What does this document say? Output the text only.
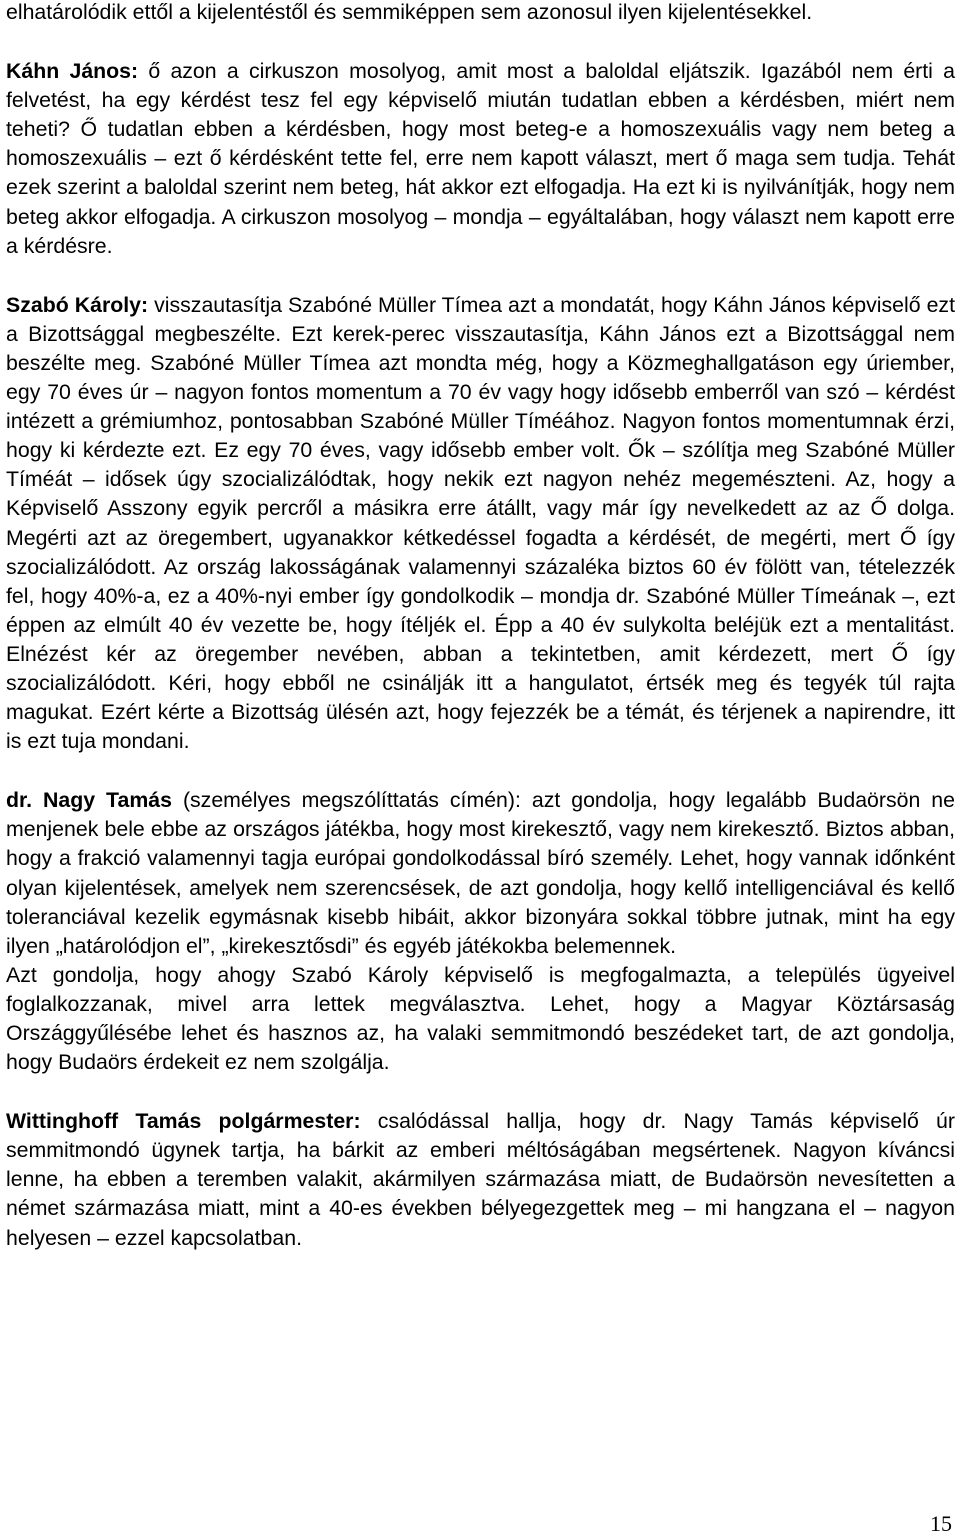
elhatárolódik ettől a kijelentéstől és semmiképpen sem azonosul ilyen kijelentésekkel.

Káhn János: ő azon a cirkuszon mosolyog, amit most a baloldal eljátszik. Igazából nem érti a felvetést, ha egy kérdést tesz fel egy képviselő miután tudatlan ebben a kérdésben, miért nem teheti? Ő tudatlan ebben a kérdésben, hogy most beteg-e a homoszexuális vagy nem beteg a homoszexuális – ezt ő kérdésként tette fel, erre nem kapott választ, mert ő maga sem tudja. Tehát ezek szerint a baloldal szerint nem beteg, hát akkor ezt elfogadja. Ha ezt ki is nyilvánítják, hogy nem beteg akkor elfogadja. A cirkuszon mosolyog – mondja – egyáltalában, hogy választ nem kapott erre a kérdésre.

Szabó Károly: visszautasítja Szabóné Müller Tímea azt a mondatát, hogy Káhn János képviselő ezt a Bizottsággal megbeszélte. Ezt kerek-perec visszautasítja, Káhn János ezt a Bizottsággal nem beszélte meg. Szabóné Müller Tímea azt mondta még, hogy a Közmeghallgatáson egy úriember, egy 70 éves úr – nagyon fontos momentum a 70 év vagy hogy idősebb emberről van szó – kérdést intézett a grémiumhoz, pontosabban Szabóné Müller Tíméához. Nagyon fontos momentumnak érzi, hogy ki kérdezte ezt. Ez egy 70 éves, vagy idősebb ember volt. Ők – szólítja meg Szabóné Müller Tíméát – idősek úgy szocializálódtak, hogy nekik ezt nagyon nehéz megemészteni. Az, hogy a Képviselő Asszony egyik percről a másikra erre átállt, vagy már így nevelkedett az az Ő dolga. Megérti azt az öregembert, ugyanakkor kétkedéssel fogadta a kérdését, de megérti, mert Ő így szocializálódott. Az ország lakosságának valamennyi százaléka biztos 60 év fölött van, tételezzék fel, hogy 40%-a, ez a 40%-nyi ember így gondolkodik – mondja dr. Szabóné Müller Tímeának –, ezt éppen az elmúlt 40 év vezette be, hogy ítéljék el. Épp a 40 év sulykolta beléjük ezt a mentalitást. Elnézést kér az öregember nevében, abban a tekintetben, amit kérdezett, mert Ő így szocializálódott. Kéri, hogy ebből ne csinálják itt a hangulatot, értsék meg és tegyék túl rajta magukat. Ezért kérte a Bizottság ülésén azt, hogy fejezzék be a témát, és térjenek a napirendre, itt is ezt tuja mondani.

dr. Nagy Tamás (személyes megszólíttatás címén): azt gondolja, hogy legalább Budaörsön ne menjenek bele ebbe az országos játékba, hogy most kirekesztő, vagy nem kirekesztő. Biztos abban, hogy a frakció valamennyi tagja európai gondolkodással bíró személy. Lehet, hogy vannak időnként olyan kijelentések, amelyek nem szerencsések, de azt gondolja, hogy kellő intelligenciával és kellő toleranciával kezelik egymásnak kisebb hibáit, akkor bizonyára sokkal többre jutnak, mint ha egy ilyen „határolódjon el”, „kirekesztősdi” és egyéb játékokba belemennek.

Azt gondolja, hogy ahogy Szabó Károly képviselő is megfogalmazta, a település ügyeivel foglalkozzanak, mivel arra lettek megválasztva. Lehet, hogy a Magyar Köztársaság Országgyűlésébe lehet és hasznos az, ha valaki semmitmondó beszédeket tart, de azt gondolja, hogy Budaörs érdekeit ez nem szolgálja.

Wittinghoff Tamás polgármester: csalódással hallja, hogy dr. Nagy Tamás képviselő úr semmitmondó ügynek tartja, ha bárkit az emberi méltóságában megsértenek. Nagyon kíváncsi lenne, ha ebben a teremben valakit, akármilyen származása miatt, de Budaörsön nevesítetten a német származása miatt, mint a 40-es években bélyegezgettek meg – mi hangzana el – nagyon helyesen – ezzel kapcsolatban.

15
